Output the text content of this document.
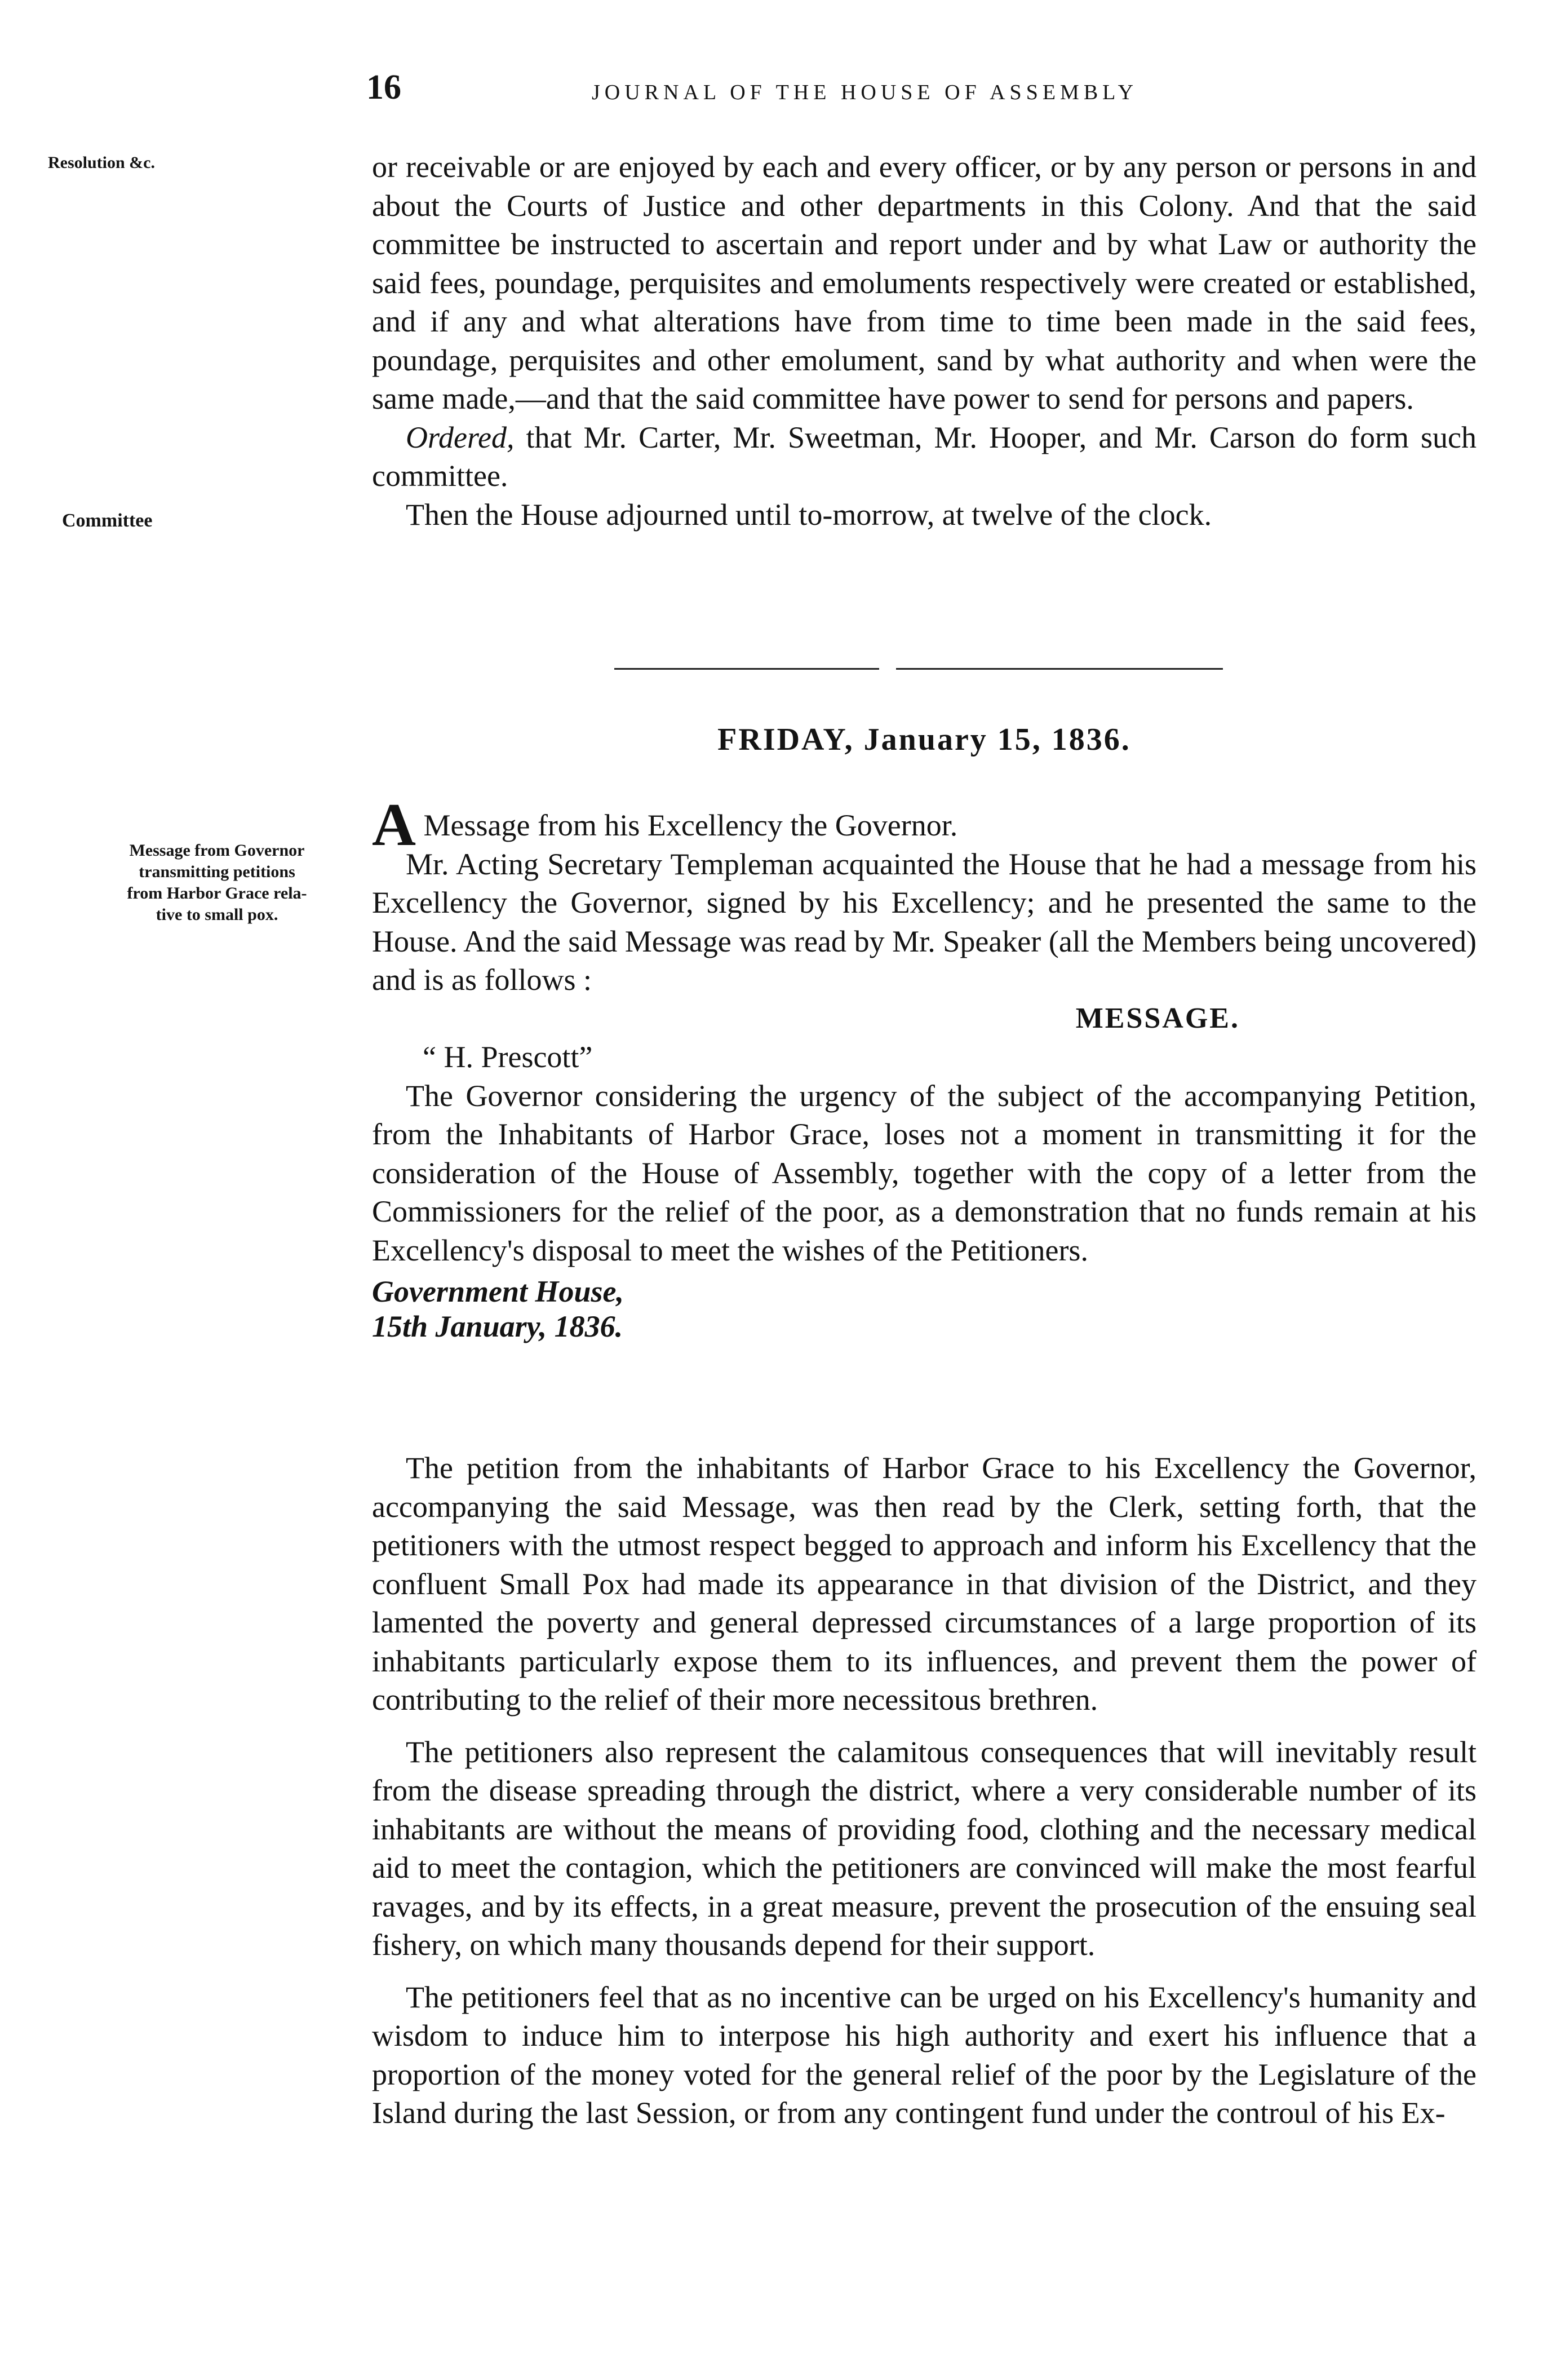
16	JOURNAL OF THE HOUSE OF ASSEMBLY
Resolution &c.
Committee
Message from Governor
transmitting petitions
from Harbor Grace rela-
tive to small pox.

or receivable or are enjoyed by each and every officer, or by any person or persons in and about the Courts of Justice and other departments in this Colony. And that the said committee be instructed to ascertain and report under and by what Law or authority the said fees, poundage, perquisites and emoluments respectively were created or established, and if any and what alterations have from time to time been made in the said fees, poundage, perquisites and other emolument, sand by what authority and when were the same made,—and that the said committee have power to send for persons and papers.

Ordered, that Mr. Carter, Mr. Sweetman, Mr. Hooper, and Mr. Carson do form such committee.

Then the House adjourned until to-morrow, at twelve of the clock.

FRIDAY, January 15, 1836.

A Message from his Excellency the Governor.

Mr. Acting Secretary Templeman acquainted the House that he had a message from his Excellency the Governor, signed by his Excellency; and he presented the same to the House. And the said Message was read by Mr. Speaker (all the Members being uncovered) and is as follows :

MESSAGE.

“ H. Prescott”

The Governor considering the urgency of the subject of the accompanying Petition, from the Inhabitants of Harbor Grace, loses not a moment in transmitting it for the consideration of the House of Assembly, together with the copy of a letter from the Commissioners for the relief of the poor, as a demonstration that no funds remain at his Excellency's disposal to meet the wishes of the Petitioners.

Government House,
15th January, 1836.

The petition from the inhabitants of Harbor Grace to his Excellency the Governor, accompanying the said Message, was then read by the Clerk, setting forth, that the petitioners with the utmost respect begged to approach and inform his Excellency that the confluent Small Pox had made its appearance in that division of the District, and they lamented the poverty and general depressed circumstances of a large proportion of its inhabitants particularly expose them to its influences, and prevent them the power of contributing to the relief of their more necessitous brethren.

The petitioners also represent the calamitous consequences that will inevitably result from the disease spreading through the district, where a very considerable number of its inhabitants are without the means of providing food, clothing and the necessary medical aid to meet the contagion, which the petitioners are convinced will make the most fearful ravages, and by its effects, in a great measure, prevent the prosecution of the ensuing seal fishery, on which many thousands depend for their support.

The petitioners feel that as no incentive can be urged on his Excellency's humanity and wisdom to induce him to interpose his high authority and exert his influence that a proportion of the money voted for the general relief of the poor by the Legislature of the Island during the last Session, or from any contingent fund under the controul of his Ex-
